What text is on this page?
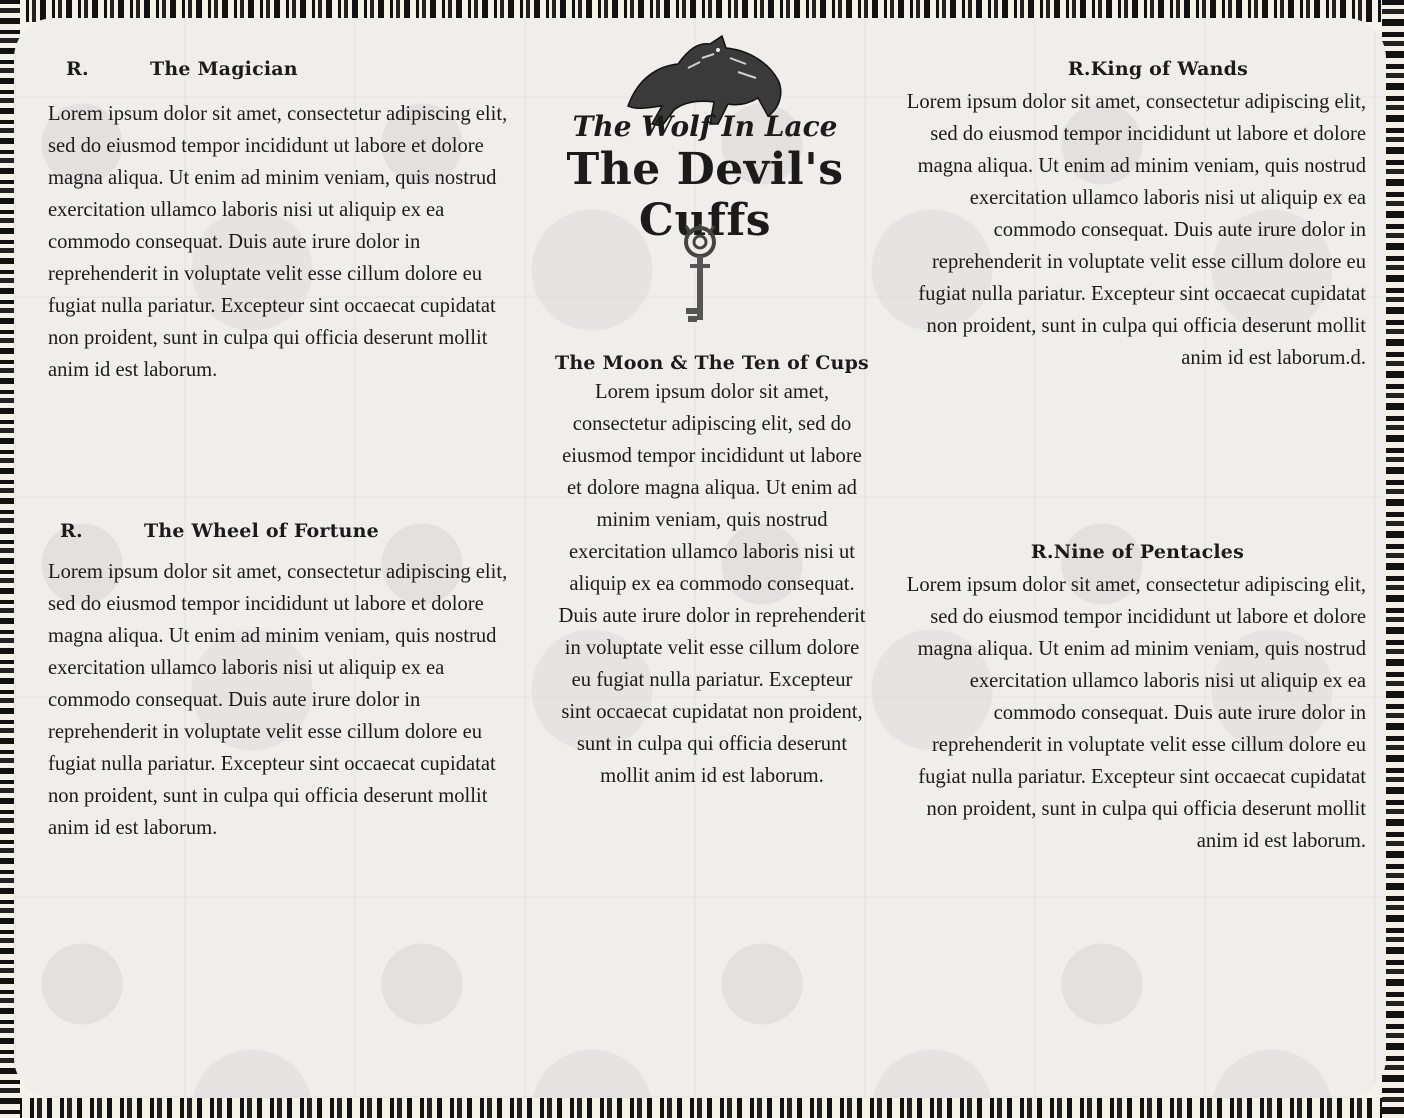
R.	The Magician

Lorem ipsum dolor sit amet, consectetur adipiscing elit, sed do eiusmod tempor incididunt ut labore et dolore magna aliqua. Ut enim ad minim veniam, quis nostrud exercitation ullamco laboris nisi ut aliquip ex ea commodo consequat. Duis aute irure dolor in reprehenderit in voluptate velit esse cillum dolore eu fugiat nulla pariatur. Excepteur sint occaecat cupidatat non proident, sunt in culpa qui officia deserunt mollit anim id est laborum.

R.	The Wheel of Fortune

Lorem ipsum dolor sit amet, consectetur adipiscing elit, sed do eiusmod tempor incididunt ut labore et dolore magna aliqua. Ut enim ad minim veniam, quis nostrud exercitation ullamco laboris nisi ut aliquip ex ea commodo consequat. Duis aute irure dolor in reprehenderit in voluptate velit esse cillum dolore eu fugiat nulla pariatur. Excepteur sint occaecat cupidatat non proident, sunt in culpa qui officia deserunt mollit anim id est laborum.

The Wolf In Lace
The Devil's Cuffs
The Moon & The Ten of Cups

Lorem ipsum dolor sit amet, consectetur adipiscing elit, sed do eiusmod tempor incididunt ut labore et dolore magna aliqua. Ut enim ad minim veniam, quis nostrud exercitation ullamco laboris nisi ut aliquip ex ea commodo consequat. Duis aute irure dolor in reprehenderit in voluptate velit esse cillum dolore eu fugiat nulla pariatur. Excepteur sint occaecat cupidatat non proident, sunt in culpa qui officia deserunt mollit anim id est laborum.

R. King of Wands

Lorem ipsum dolor sit amet, consectetur adipiscing elit, sed do eiusmod tempor incididunt ut labore et dolore magna aliqua. Ut enim ad minim veniam, quis nostrud exercitation ullamco laboris nisi ut aliquip ex ea commodo consequat. Duis aute irure dolor in reprehenderit in voluptate velit esse cillum dolore eu fugiat nulla pariatur. Excepteur sint occaecat cupidatat non proident, sunt in culpa qui officia deserunt mollit anim id est laborum.d.

R. Nine of Pentacles

Lorem ipsum dolor sit amet, consectetur adipiscing elit, sed do eiusmod tempor incididunt ut labore et dolore magna aliqua. Ut enim ad minim veniam, quis nostrud exercitation ullamco laboris nisi ut aliquip ex ea commodo consequat. Duis aute irure dolor in reprehenderit in voluptate velit esse cillum dolore eu fugiat nulla pariatur. Excepteur sint occaecat cupidatat non proident, sunt in culpa qui officia deserunt mollit anim id est laborum.
